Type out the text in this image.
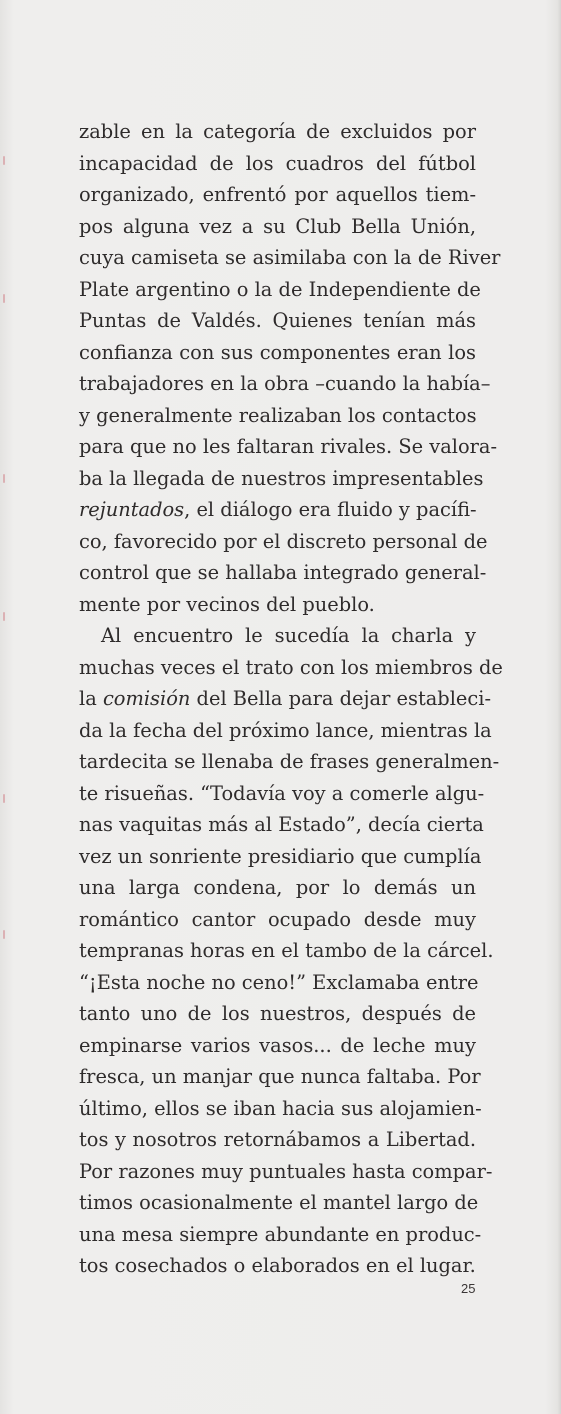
zable en la categoría de excluidos por
incapacidad de los cuadros del fútbol
organizado, enfrentó por aquellos tiem-
pos alguna vez a su Club Bella Unión,
cuya camiseta se asimilaba con la de River
Plate argentino o la de Independiente de
Puntas de Valdés. Quienes tenían más
confianza con sus componentes eran los
trabajadores en la obra –cuando la había–
y generalmente realizaban los contactos
para que no les faltaran rivales. Se valora-
ba la llegada de nuestros impresentables
rejuntados, el diálogo era fluido y pacífi-
co, favorecido por el discreto personal de
control que se hallaba integrado general-
mente por vecinos del pueblo.
Al encuentro le sucedía la charla y
muchas veces el trato con los miembros de
la comisión del Bella para dejar estableci-
da la fecha del próximo lance, mientras la
tardecita se llenaba de frases generalmen-
te risueñas. “Todavía voy a comerle algu-
nas vaquitas más al Estado”, decía cierta
vez un sonriente presidiario que cumplía
una larga condena, por lo demás un
romántico cantor ocupado desde muy
tempranas horas en el tambo de la cárcel.
“¡Esta noche no ceno!” Exclamaba entre
tanto uno de los nuestros, después de
empinarse varios vasos... de leche muy
fresca, un manjar que nunca faltaba. Por
último, ellos se iban hacia sus alojamien-
tos y nosotros retornábamos a Libertad.
Por razones muy puntuales hasta compar-
timos ocasionalmente el mantel largo de
una mesa siempre abundante en produc-
tos cosechados o elaborados en el lugar.
25
